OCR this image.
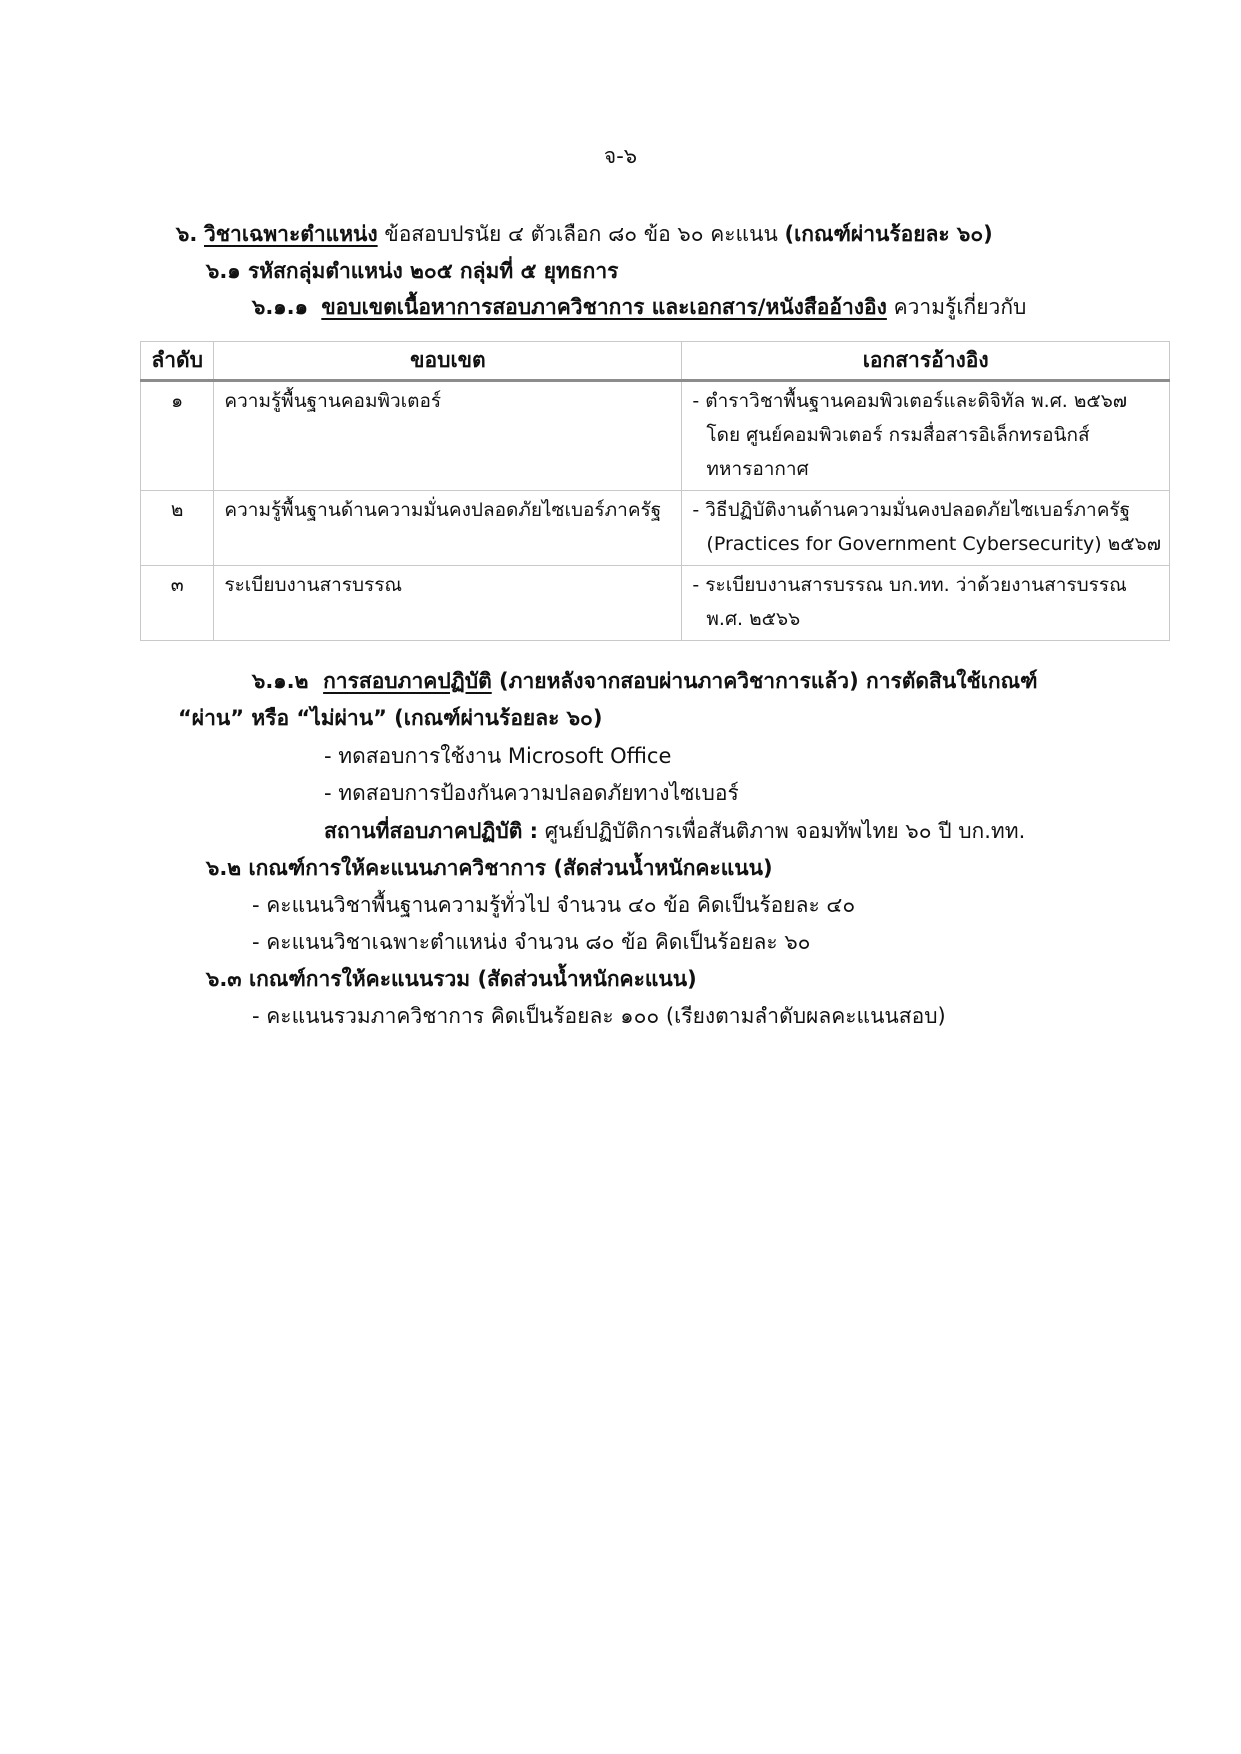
จ-๖
๖. วิชาเฉพาะตำแหน่ง ข้อสอบปรนัย ๔ ตัวเลือก ๘๐ ข้อ ๖๐ คะแนน (เกณฑ์ผ่านร้อยละ ๖๐)
๖.๑ รหัสกลุ่มตำแหน่ง ๒๐๕ กลุ่มที่ ๕ ยุทธการ
๖.๑.๑ ขอบเขตเนื้อหาการสอบภาควิชาการ และเอกสาร/หนังสืออ้างอิง ความรู้เกี่ยวกับ
ลำดับ	ขอบเขต	เอกสารอ้างอิง
๑	ความรู้พื้นฐานคอมพิวเตอร์	- ตำราวิชาพื้นฐานคอมพิวเตอร์และดิจิทัล พ.ศ. ๒๕๖๗
โดย ศูนย์คอมพิวเตอร์ กรมสื่อสารอิเล็กทรอนิกส์
ทหารอากาศ

๒	ความรู้พื้นฐานด้านความมั่นคงปลอดภัยไซเบอร์ภาครัฐ	- วิธีปฏิบัติงานด้านความมั่นคงปลอดภัยไซเบอร์ภาครัฐ
(Practices for Government Cybersecurity) ๒๕๖๗

๓	ระเบียบงานสารบรรณ	- ระเบียบงานสารบรรณ บก.ทท. ว่าด้วยงานสารบรรณ
พ.ศ. ๒๕๖๖
๖.๑.๒ การสอบภาคปฏิบัติ (ภายหลังจากสอบผ่านภาควิชาการแล้ว) การตัดสินใช้เกณฑ์
“ผ่าน” หรือ “ไม่ผ่าน” (เกณฑ์ผ่านร้อยละ ๖๐)
- ทดสอบการใช้งาน Microsoft Office
- ทดสอบการป้องกันความปลอดภัยทางไซเบอร์
สถานที่สอบภาคปฏิบัติ : ศูนย์ปฏิบัติการเพื่อสันติภาพ จอมทัพไทย ๖๐ ปี บก.ทท.
๖.๒ เกณฑ์การให้คะแนนภาควิชาการ (สัดส่วนน้ำหนักคะแนน)
- คะแนนวิชาพื้นฐานความรู้ทั่วไป จำนวน ๔๐ ข้อ คิดเป็นร้อยละ ๔๐
- คะแนนวิชาเฉพาะตำแหน่ง จำนวน ๘๐ ข้อ คิดเป็นร้อยละ ๖๐
๖.๓ เกณฑ์การให้คะแนนรวม (สัดส่วนน้ำหนักคะแนน)
- คะแนนรวมภาควิชาการ คิดเป็นร้อยละ ๑๐๐ (เรียงตามลำดับผลคะแนนสอบ)
